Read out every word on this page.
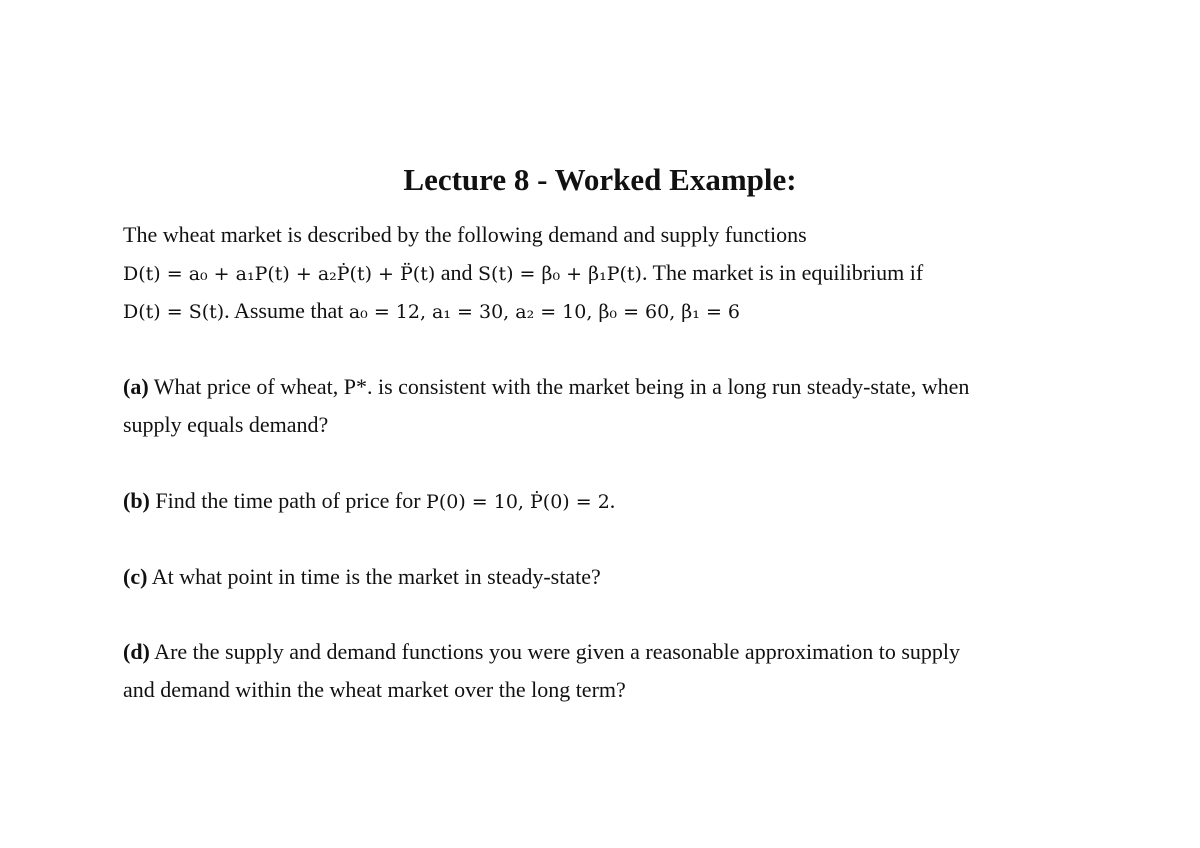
Lecture 8 - Worked Example:

The wheat market is described by the following demand and supply functions

D(t) = a₀ + a₁P(t) + a₂Ṗ(t) + P̈(t) and S(t) = β₀ + β₁P(t). The market is in equilibrium if

D(t) = S(t). Assume that a₀ = 12, a₁ = 30, a₂ = 10, β₀ = 60, β₁ = 6

(a) What price of wheat, P*. is consistent with the market being in a long run steady-state, when

supply equals demand?

(b) Find the time path of price for P(0) = 10, Ṗ(0) = 2.

(c) At what point in time is the market in steady-state?

(d) Are the supply and demand functions you were given a reasonable approximation to supply

and demand within the wheat market over the long term?
